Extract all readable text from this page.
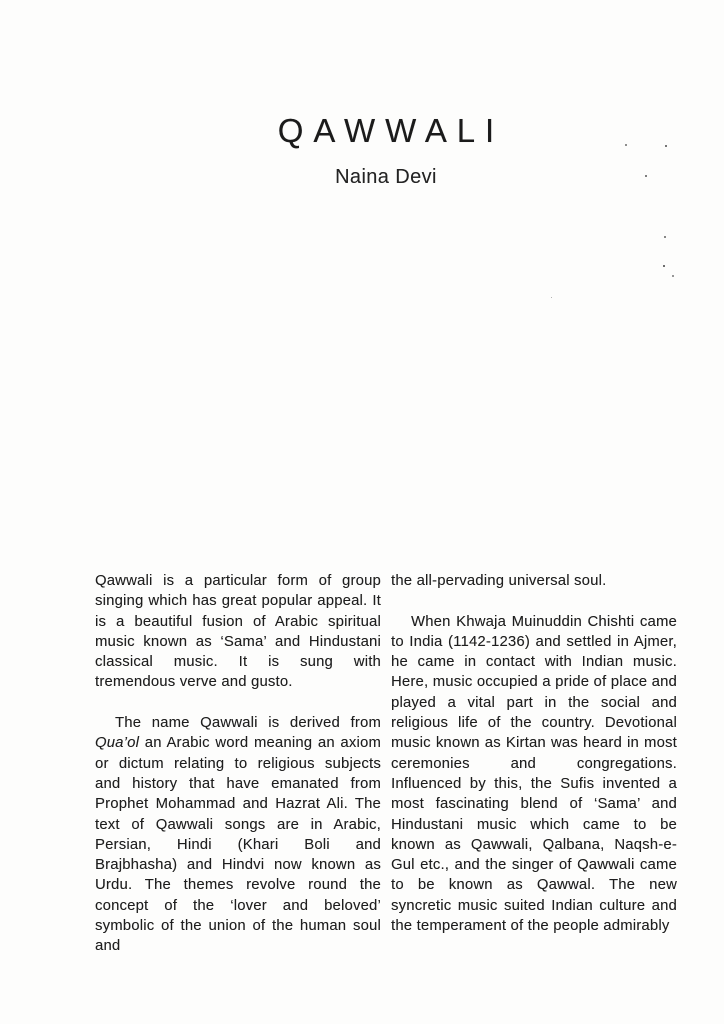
QAWWALI
Naina Devi

Qawwali is a particular form of group singing which has great popular appeal. It is a beautiful fusion of Arabic spiritual music known as ‘Sama’ and Hindustani classical music. It is sung with tremendous verve and gusto.

The name Qawwali is derived from Qua’ol an Arabic word meaning an axiom or dictum relating to religious subjects and history that have emanated from Prophet Mohammad and Hazrat Ali. The text of Qawwali songs are in Arabic, Persian, Hindi (Khari Boli and Brajbhasha) and Hindvi now known as Urdu. The themes revolve round the concept of the ‘lover and beloved’ symbolic of the union of the human soul and

the all-pervading universal soul.

When Khwaja Muinuddin Chishti came to India (1142-1236) and settled in Ajmer, he came in contact with Indian music. Here, music occupied a pride of place and played a vital part in the social and religious life of the country. Devotional music known as Kirtan was heard in most ceremonies and congregations. Influenced by this, the Sufis invented a most fascinating blend of ‘Sama’ and Hindustani music which came to be known as Qawwali, Qalbana, Naqsh-e-Gul etc., and the singer of Qawwali came to be known as Qawwal. The new syncretic music suited Indian culture and the temperament of the people admirably
